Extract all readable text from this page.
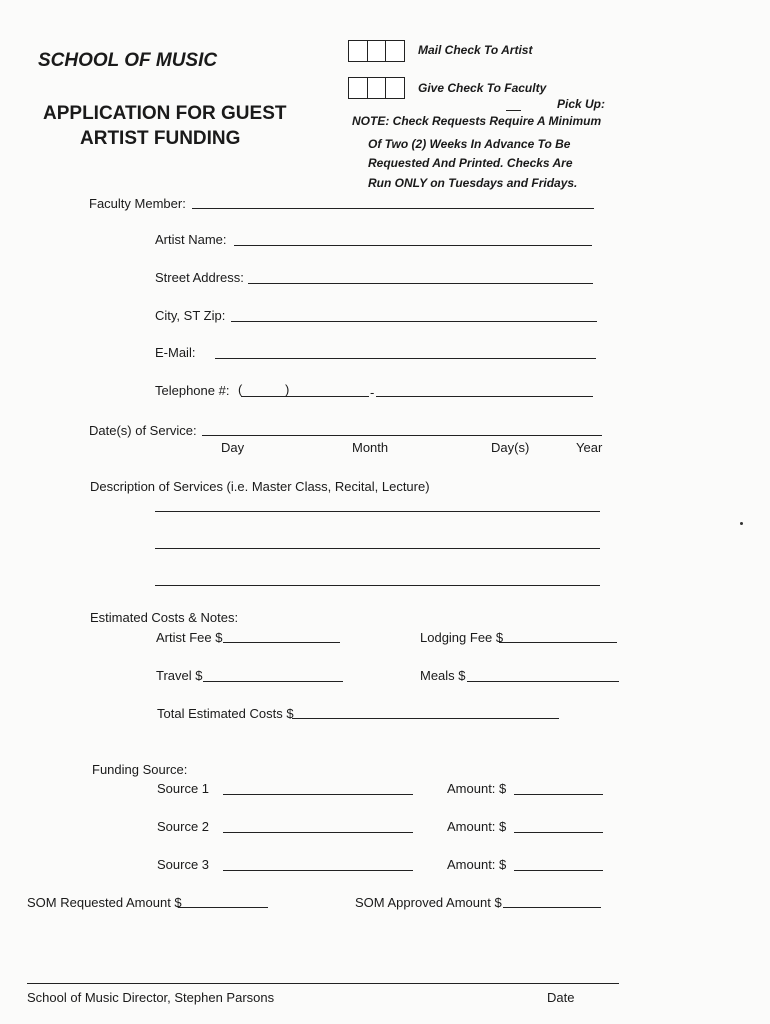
Mail Check To Artist
Give Check To Faculty
Pick Up:
SCHOOL OF MUSIC
APPLICATION FOR GUEST
ARTIST FUNDING
NOTE: Check Requests Require A Minimum
Of Two (2) Weeks In Advance To Be
Requested And Printed. Checks Are
Run ONLY on Tuesdays and Fridays.
Faculty Member:
Artist Name:
Street Address:
City, ST Zip:
E-Mail:
Telephone #: (	)	-
Date(s) of Service:
Day	Month	Day(s)	Year
Description of Services (i.e. Master Class, Recital, Lecture)
Estimated Costs & Notes:
Artist Fee $	Lodging Fee $
Travel $	Meals $
Total Estimated Costs $
Funding Source:
Source 1	Amount: $
Source 2	Amount: $
Source 3	Amount: $
SOM Requested Amount $	SOM Approved Amount $
School of Music Director, Stephen Parsons	Date
